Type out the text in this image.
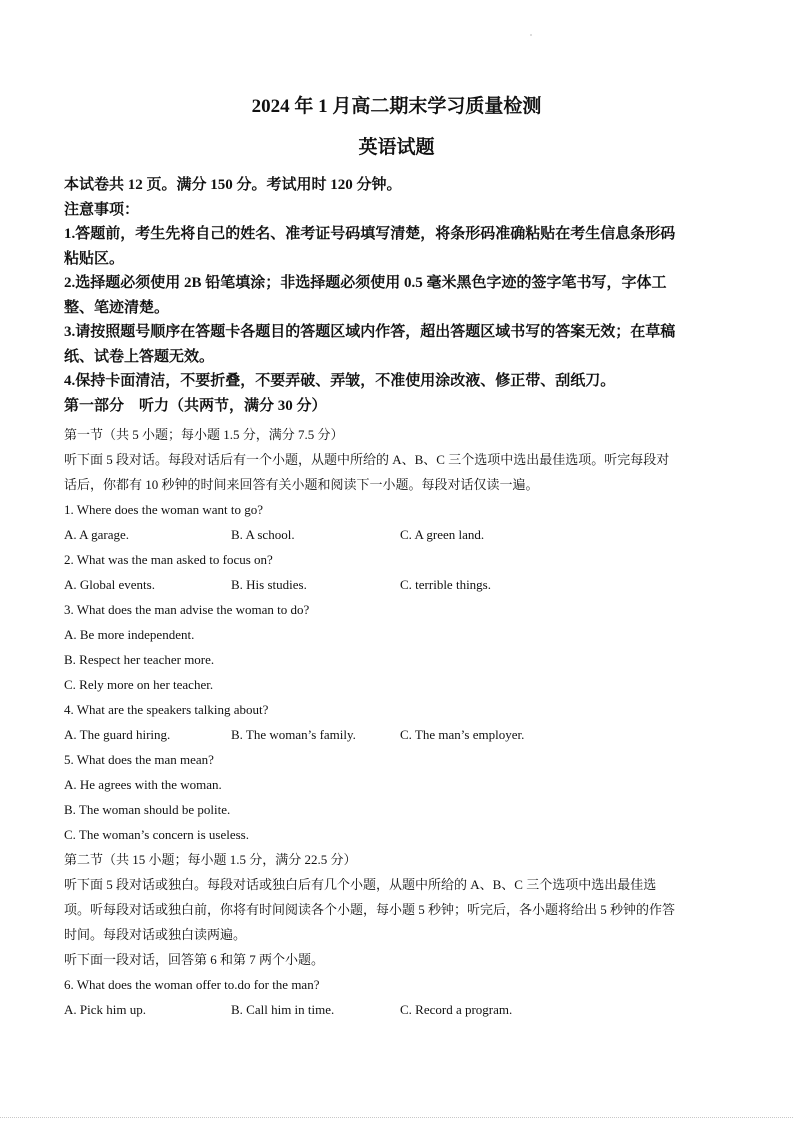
2024 年 1 月高二期末学习质量检测
英语试题

本试卷共 12 页。满分 150 分。考试用时 120 分钟。

注意事项：

1.答题前，考生先将自己的姓名、准考证号码填写清楚，将条形码准确粘贴在考生信息条形码

粘贴区。

2.选择题必须使用 2B 铅笔填涂；非选择题必须使用 0.5 毫米黑色字迹的签字笔书写，字体工

整、笔迹清楚。

3.请按照题号顺序在答题卡各题目的答题区域内作答，超出答题区域书写的答案无效；在草稿

纸、试卷上答题无效。

4.保持卡面清洁，不要折叠，不要弄破、弄皱，不准使用涂改液、修正带、刮纸刀。

第一部分　听力（共两节，满分 30 分）

第一节（共 5 小题；每小题 1.5 分，满分 7.5 分）

听下面 5 段对话。每段对话后有一个小题，从题中所给的 A、B、C 三个选项中选出最佳选项。听完每段对

话后，你都有 10 秒钟的时间来回答有关小题和阅读下一小题。每段对话仅读一遍。

1. Where does the woman want to go?

A. A garage.	B. A school.	C. A green land.

2. What was the man asked to focus on?

A. Global events.	B. His studies.	C. terrible things.

3. What does the man advise the woman to do?

A. Be more independent.

B. Respect her teacher more.

C. Rely more on her teacher.

4. What are the speakers talking about?

A. The guard hiring.	B. The woman’s family.	C. The man’s employer.

5. What does the man mean?

A. He agrees with the woman.

B. The woman should be polite.

C. The woman’s concern is useless.

第二节（共 15 小题；每小题 1.5 分，满分 22.5 分）

听下面 5 段对话或独白。每段对话或独白后有几个小题，从题中所给的 A、B、C 三个选项中选出最佳选

项。听每段对话或独白前，你将有时间阅读各个小题，每小题 5 秒钟；听完后，各小题将给出 5 秒钟的作答

时间。每段对话或独白读两遍。

听下面一段对话，回答第 6 和第 7 两个小题。

6. What does the woman offer to.do for the man?

A. Pick him up.	B. Call him in time.	C. Record a program.
